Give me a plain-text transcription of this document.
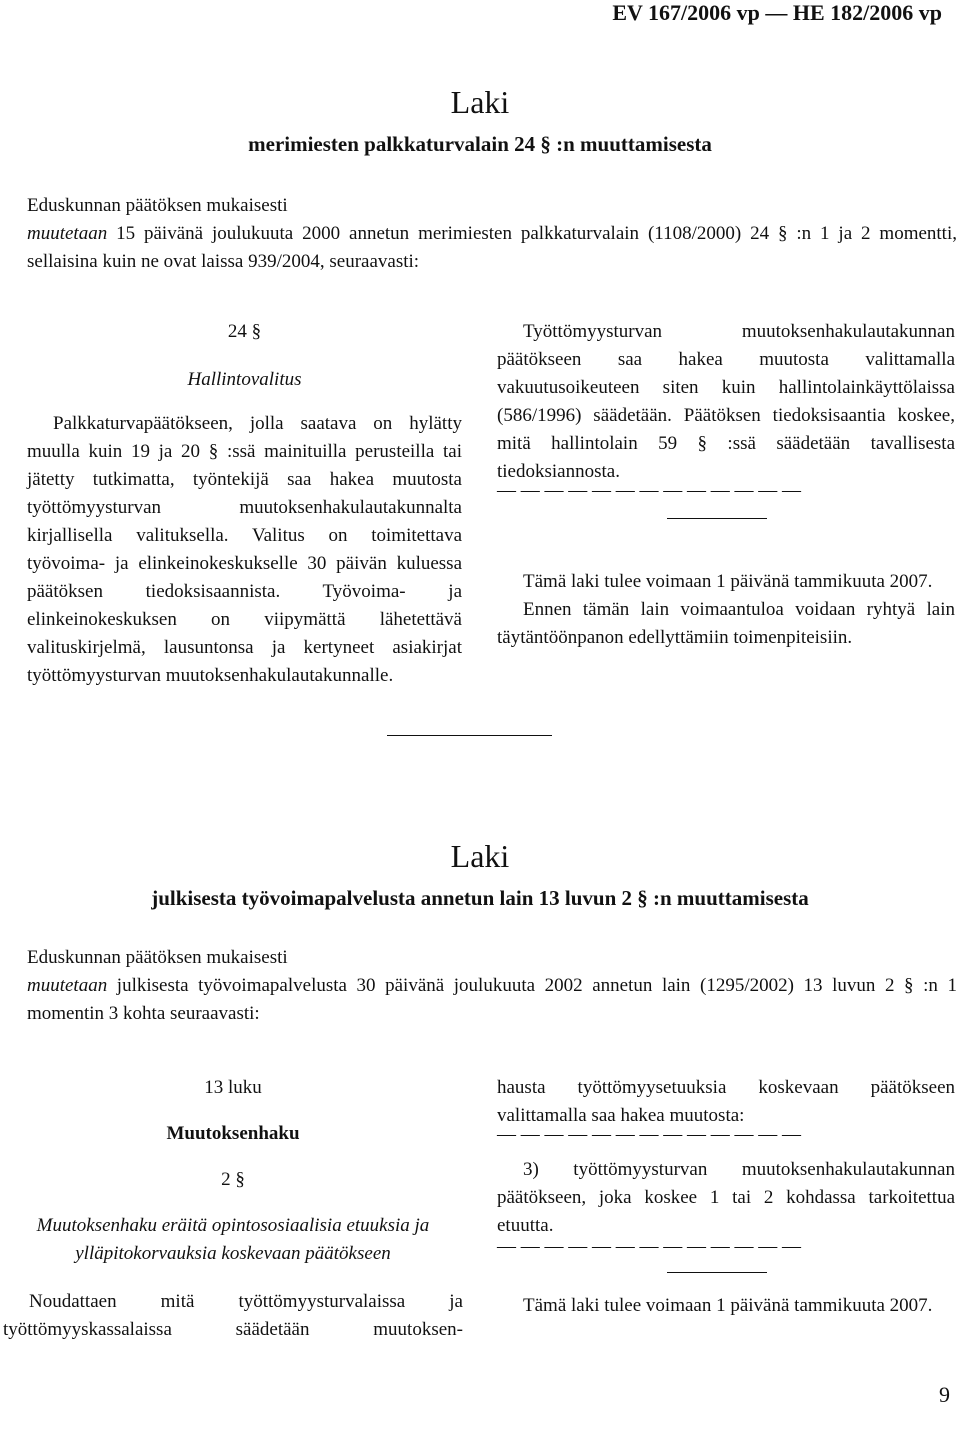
EV 167/2006 vp — HE 182/2006 vp
Laki
merimiesten palkkaturvalain 24 § :n muuttamisesta

Eduskunnan päätöksen mukaisesti

muutetaan 15 päivänä joulukuuta 2000 annetun merimiesten palkkaturvalain (1108/2000) 24 § :n 1 ja 2 momentti, sellaisina kuin ne ovat laissa 939/2004, seuraavasti:

24 §
Hallintovalitus

Palkkaturvapäätökseen, jolla saatava on hylätty muulla kuin 19 ja 20 § :ssä mainituilla perusteilla tai jätetty tutkimatta, työntekijä saa hakea muutosta työttömyysturvan muutoksenhakulautakunnalta kirjallisella valituksella. Valitus on toimitettava työvoima- ja elinkeinokeskukselle 30 päivän kuluessa päätöksen tiedoksisaannista. Työvoima- ja elinkeinokeskuksen on viipymättä lähetettävä valituskirjelmä, lausuntonsa ja kertyneet asiakirjat työttömyysturvan muutoksenhakulautakunnalle.

Työttömyysturvan muutoksenhakulautakunnan päätökseen saa hakea muutosta valittamalla vakuutusoikeuteen siten kuin hallintolainkäyttölaissa (586/1996) säädetään. Päätöksen tiedoksisaantia koskee, mitä hallintolain 59 § :ssä säädetään tavallisesta tiedoksiannosta.

— — — — — — — — — — — — —

Tämä laki tulee voimaan 1 päivänä tammikuuta 2007.

Ennen tämän lain voimaantuloa voidaan ryhtyä lain täytäntöönpanon edellyttämiin toimenpiteisiin.

Laki
julkisesta työvoimapalvelusta annetun lain 13 luvun 2 § :n muuttamisesta

Eduskunnan päätöksen mukaisesti

muutetaan julkisesta työvoimapalvelusta 30 päivänä joulukuuta 2002 annetun lain (1295/2002) 13 luvun 2 § :n 1 momentin 3 kohta seuraavasti:

13 luku
Muutoksenhaku
2 §
Muutoksenhaku eräitä opintososiaalisia etuuksia ja ylläpitokorvauksia koskevaan päätökseen

Noudattaen mitä työttömyysturvalaissa ja työttömyyskassalaissa säädetään muutoksen-

hausta työttömyysetuuksia koskevaan päätökseen valittamalla saa hakea muutosta:

— — — — — — — — — — — — —

3) työttömyysturvan muutoksenhakulautakunnan päätökseen, joka koskee 1 tai 2 kohdassa tarkoitettua etuutta.

— — — — — — — — — — — — —

Tämä laki tulee voimaan 1 päivänä tammikuuta 2007.

9
